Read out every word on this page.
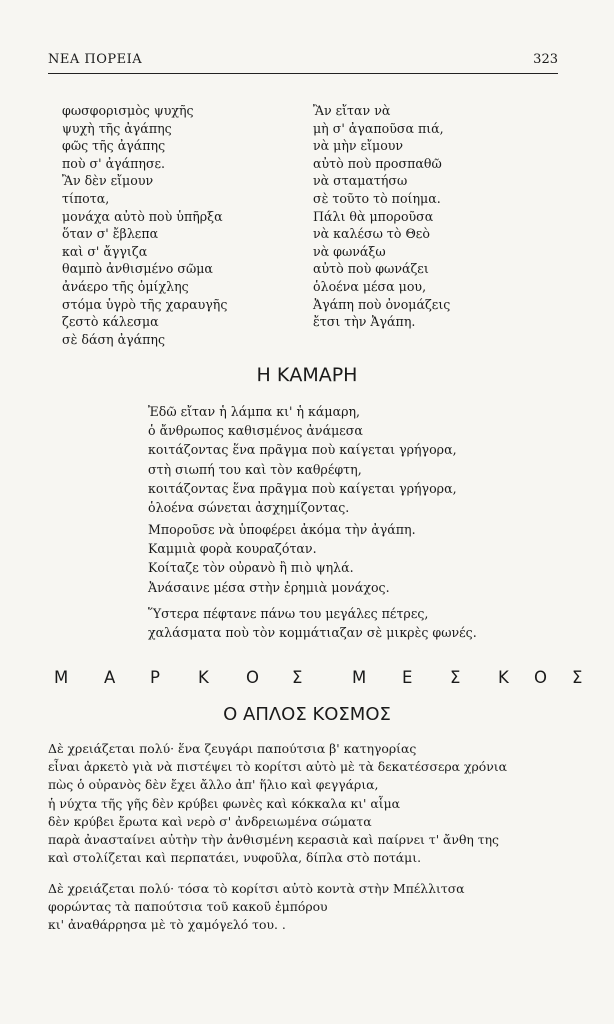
ΝΕΑ ΠΟΡΕΙΑ	323
φωσφορισμὸς ψυχῆς
ψυχὴ τῆς ἀγάπης
φῶς τῆς ἀγάπης
ποὺ σ' ἀγάπησε.
Ἂν δὲν εἴμουν
τίποτα,
μονάχα αὐτὸ ποὺ ὑπῆρξα
ὅταν σ' ἔβλεπα
καὶ σ' ἄγγιζα
θαμπὸ ἀνθισμένο σῶμα
ἀνάερο τῆς ὀμίχλης
στόμα ὑγρὸ τῆς χαραυγῆς
ζεστὸ κάλεσμα
σὲ δάση ἀγάπης
Ἂν εἴταν νὰ
μὴ σ' ἀγαποῦσα πιά,
νὰ μὴν εἴμουν
αὐτὸ ποὺ προσπαθῶ
νὰ σταματήσω
σὲ τοῦτο τὸ ποίημα.
Πάλι θὰ μποροῦσα
νὰ καλέσω τὸ Θεὸ
νὰ φωνάξω
αὐτὸ ποὺ φωνάζει
ὁλοένα μέσα μου,
Ἀγάπη ποὺ ὀνομάζεις
ἔτσι τὴν Ἀγάπη.
Η ΚΑΜΑΡΗ
Ἐδῶ εἴταν ἡ λάμπα κι' ἡ κάμαρη,
ὁ ἄνθρωπος καθισμένος ἀνάμεσα
κοιτάζοντας ἕνα πρᾶγμα ποὺ καίγεται γρήγορα,
στὴ σιωπή του καὶ τὸν καθρέφτη,
κοιτάζοντας ἕνα πρᾶγμα ποὺ καίγεται γρήγορα,
ὁλοένα σώνεται ἀσχημίζοντας.
Μποροῦσε νὰ ὑποφέρει ἀκόμα τὴν ἀγάπη.
Καμμιὰ φορὰ κουραζόταν.
Κοίταζε τὸν οὐρανὸ ἢ πιὸ ψηλά.
Ἀνάσαινε μέσα στὴν ἐρημιὰ μονάχος.
Ὕστερα πέφτανε πάνω του μεγάλες πέτρες,
χαλάσματα ποὺ τὸν κομμάτιαζαν σὲ μικρὲς φωνές.
Μ Α Ρ Κ Ο Σ	Μ Ε Σ Κ Ο Σ
Ο ΑΠΛΟΣ ΚΟΣΜΟΣ
Δὲ χρειάζεται πολύ· ἕνα ζευγάρι παπούτσια β' κατηγορίας
εἶναι ἀρκετὸ γιὰ νὰ πιστέψει τὸ κορίτσι αὐτὸ μὲ τὰ δεκατέσσερα χρόνια
πὼς ὁ οὐρανὸς δὲν ἔχει ἄλλο ἀπ' ἥλιο καὶ φεγγάρια,
ἡ νύχτα τῆς γῆς δὲν κρύβει φωνὲς καὶ κόκκαλα κι' αἷμα
δὲν κρύβει ἔρωτα καὶ νερὸ σ' ἀνδρειωμένα σώματα
παρὰ ἀνασταίνει αὐτὴν τὴν ἀνθισμένη κερασιὰ καὶ παίρνει τ' ἄνθη της
καὶ στολίζεται καὶ περπατάει, νυφοῦλα, δίπλα στὸ ποτάμι.
Δὲ χρειάζεται πολύ· τόσα τὸ κορίτσι αὐτὸ κοντὰ στὴν Μπέλλιτσα
φορώντας τὰ παπούτσια τοῦ κακοῦ ἐμπόρου
κι' ἀναθάρρησα μὲ τὸ χαμόγελό του. .
